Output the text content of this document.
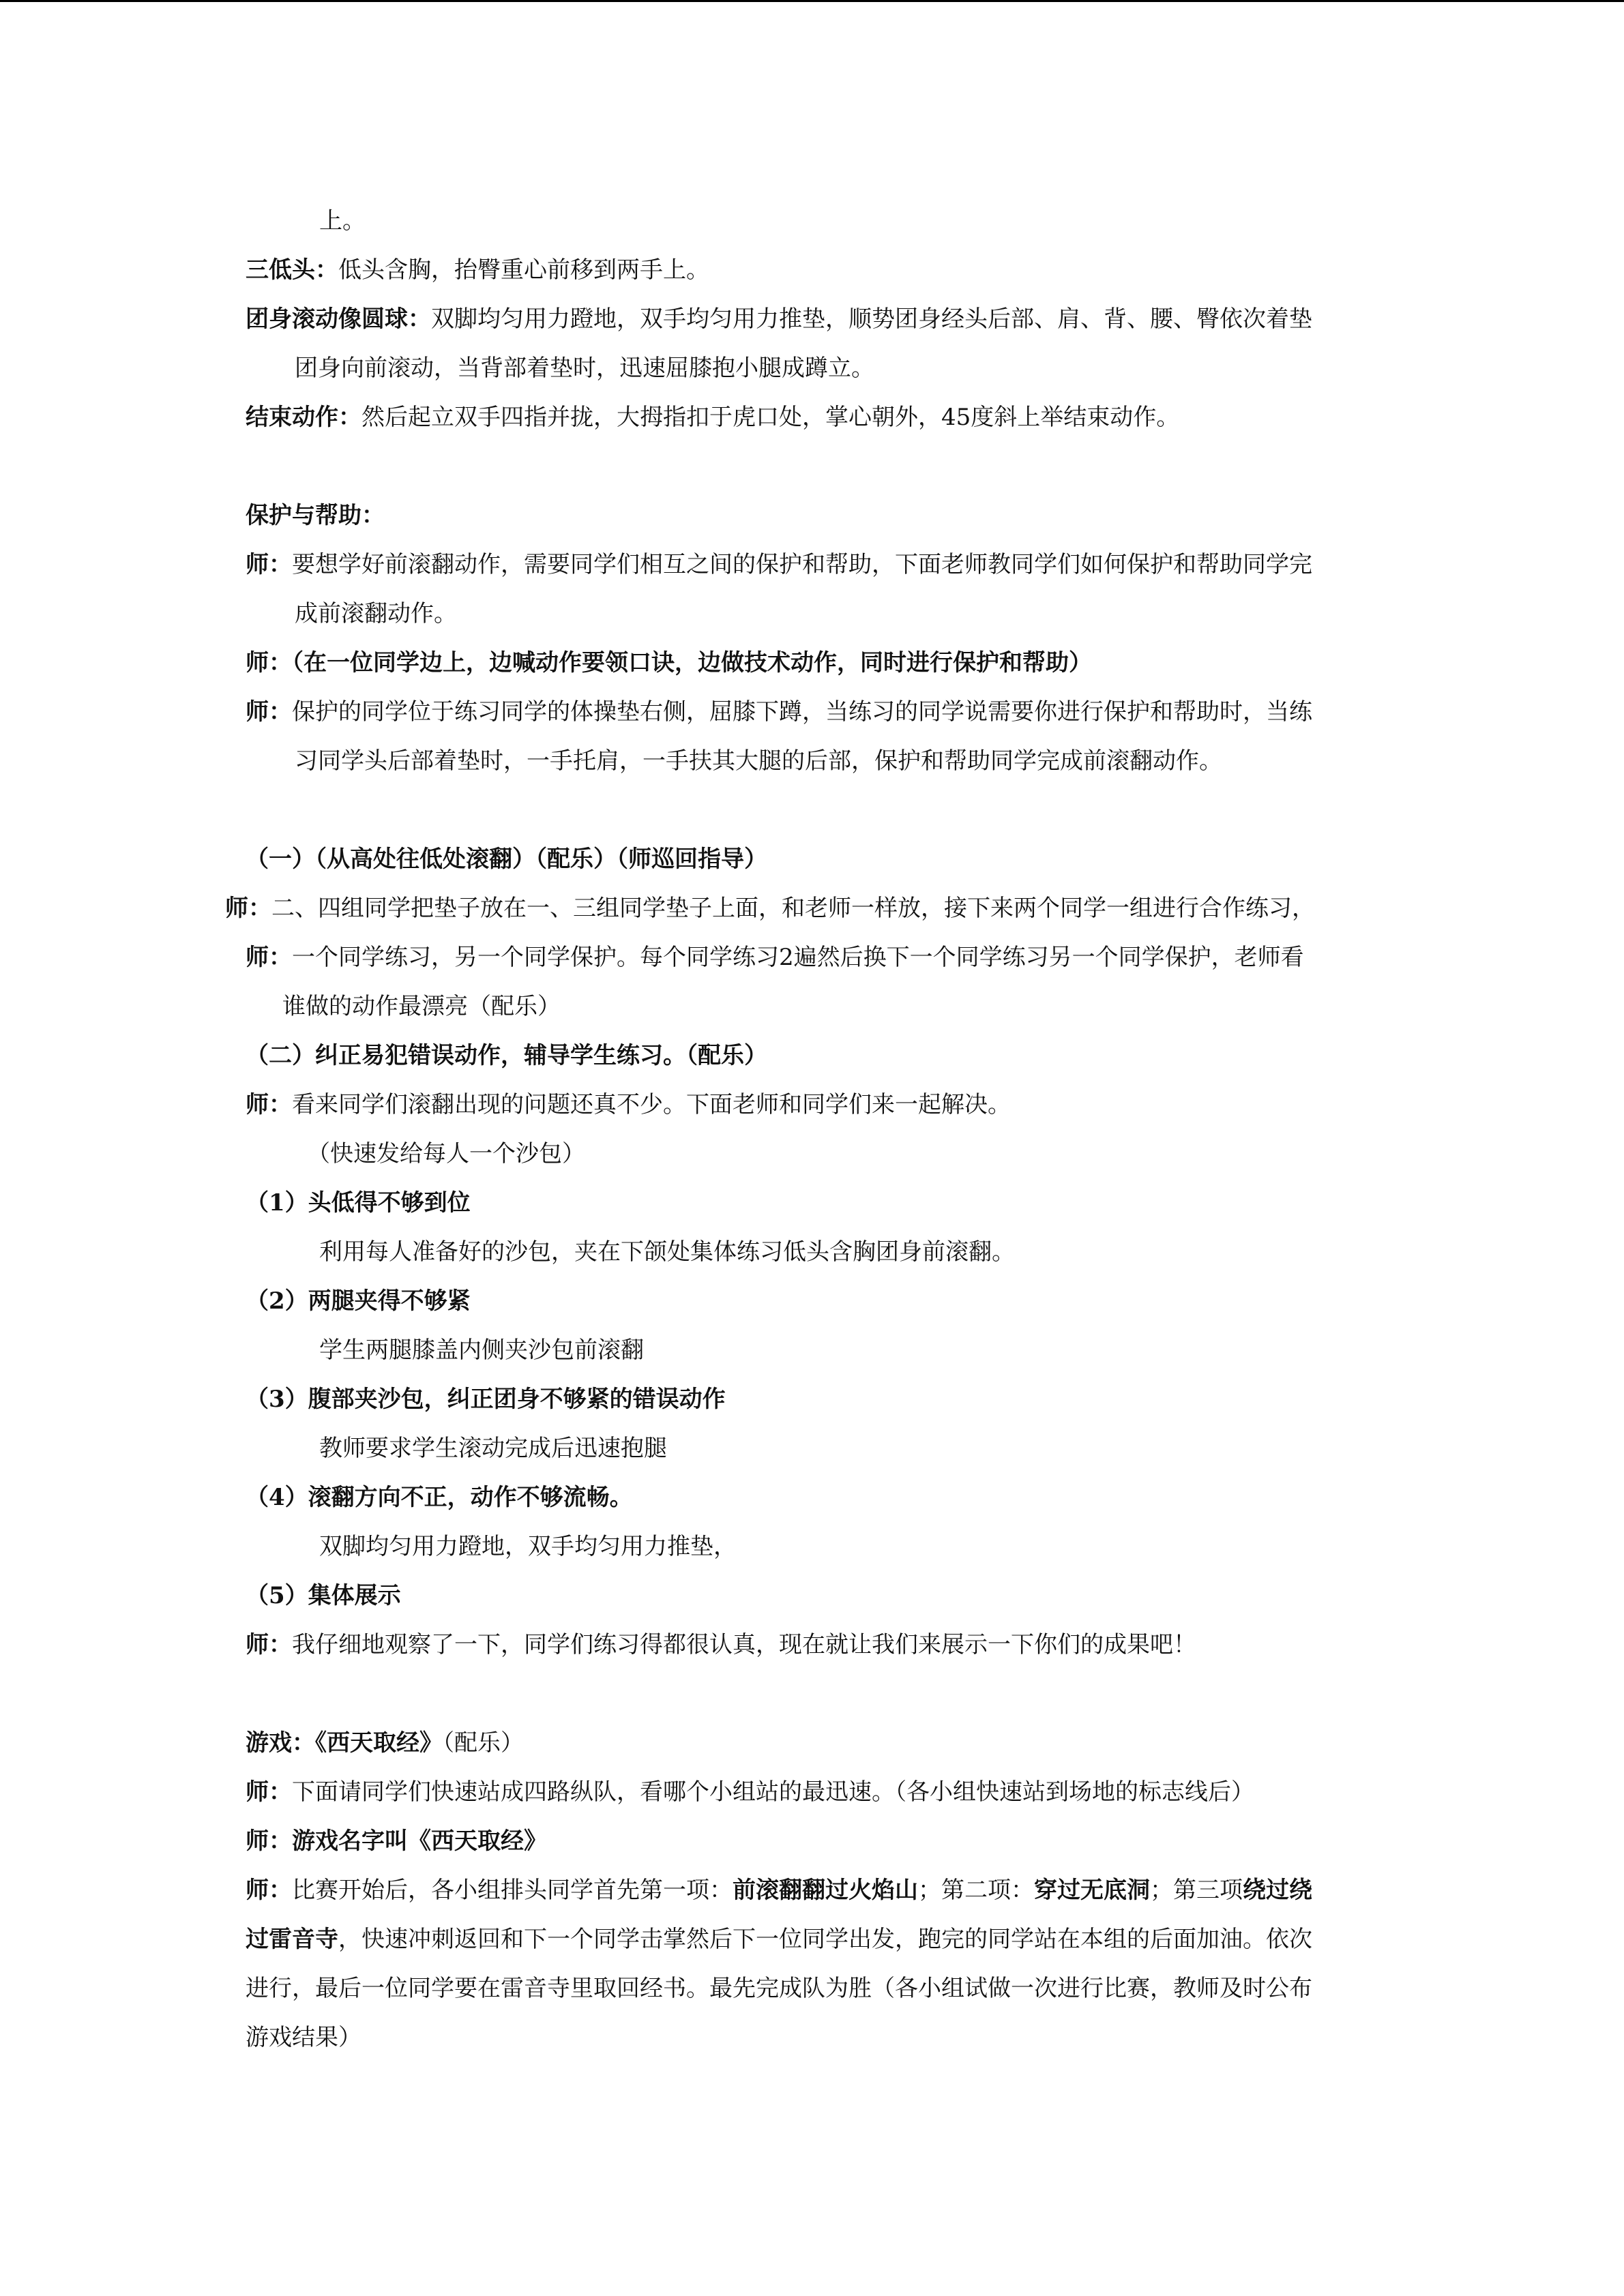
上。
三低头：低头含胸，抬臀重心前移到两手上。
团身滚动像圆球：双脚均匀用力蹬地，双手均匀用力推垫，顺势团身经头后部、肩、背、腰、臀依次着垫
团身向前滚动，当背部着垫时，迅速屈膝抱小腿成蹲立。
结束动作：然后起立双手四指并拢，大拇指扣于虎口处，掌心朝外，45度斜上举结束动作。
保护与帮助：
师：要想学好前滚翻动作，需要同学们相互之间的保护和帮助，下面老师教同学们如何保护和帮助同学完
成前滚翻动作。
师：（在一位同学边上，边喊动作要领口诀，边做技术动作，同时进行保护和帮助）
师：保护的同学位于练习同学的体操垫右侧，屈膝下蹲，当练习的同学说需要你进行保护和帮助时，当练
习同学头后部着垫时，一手托肩，一手扶其大腿的后部，保护和帮助同学完成前滚翻动作。
（一）（从高处往低处滚翻）（配乐）（师巡回指导）
师：二、四组同学把垫子放在一、三组同学垫子上面，和老师一样放，接下来两个同学一组进行合作练习，
师：一个同学练习，另一个同学保护。每个同学练习2遍然后换下一个同学练习另一个同学保护，老师看
谁做的动作最漂亮（配乐）
（二）纠正易犯错误动作，辅导学生练习。（配乐）
师：看来同学们滚翻出现的问题还真不少。下面老师和同学们来一起解决。
（快速发给每人一个沙包）
（1）头低得不够到位
利用每人准备好的沙包，夹在下颌处集体练习低头含胸团身前滚翻。
（2）两腿夹得不够紧
学生两腿膝盖内侧夹沙包前滚翻
（3）腹部夹沙包，纠正团身不够紧的错误动作
教师要求学生滚动完成后迅速抱腿
（4）滚翻方向不正，动作不够流畅。
双脚均匀用力蹬地，双手均匀用力推垫，
（5）集体展示
师：我仔细地观察了一下，同学们练习得都很认真，现在就让我们来展示一下你们的成果吧！
游戏：《西天取经》（配乐）
师：下面请同学们快速站成四路纵队，看哪个小组站的最迅速。（各小组快速站到场地的标志线后）
师：游戏名字叫《西天取经》
师：比赛开始后，各小组排头同学首先第一项：前滚翻翻过火焰山；第二项：穿过无底洞；第三项绕过绕
过雷音寺，快速冲刺返回和下一个同学击掌然后下一位同学出发，跑完的同学站在本组的后面加油。依次
进行，最后一位同学要在雷音寺里取回经书。最先完成队为胜（各小组试做一次进行比赛，教师及时公布
游戏结果）
